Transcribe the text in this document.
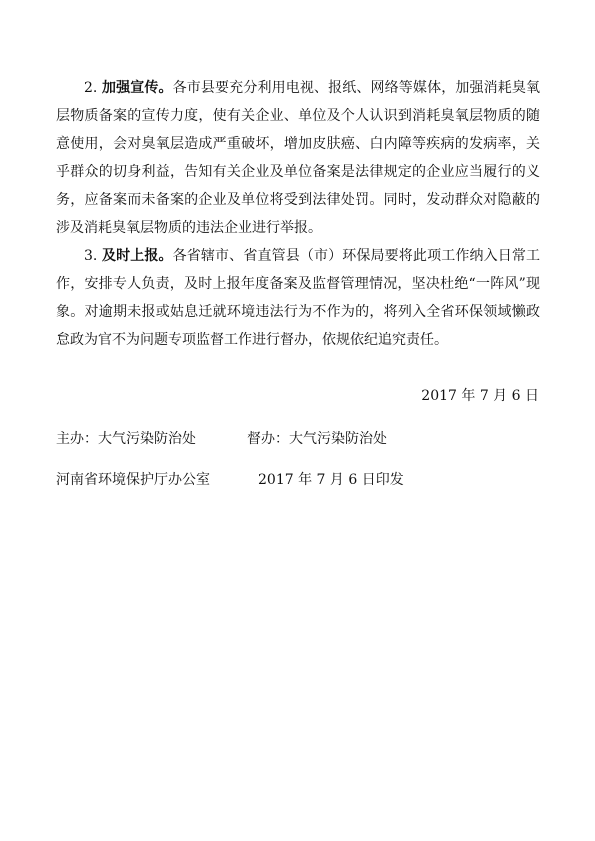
2. 加强宣传。各市县要充分利用电视、报纸、网络等媒体，加强消耗臭氧层物质备案的宣传力度，使有关企业、单位及个人认识到消耗臭氧层物质的随意使用，会对臭氧层造成严重破坏，增加皮肤癌、白内障等疾病的发病率，关乎群众的切身利益，告知有关企业及单位备案是法律规定的企业应当履行的义务，应备案而未备案的企业及单位将受到法律处罚。同时，发动群众对隐蔽的涉及消耗臭氧层物质的违法企业进行举报。

3. 及时上报。各省辖市、省直管县（市）环保局要将此项工作纳入日常工作，安排专人负责，及时上报年度备案及监督管理情况，坚决杜绝“一阵风”现象。对逾期未报或姑息迁就环境违法行为不作为的，将列入全省环保领域懒政怠政为官不为问题专项监督工作进行督办，依规依纪追究责任。

2017 年 7 月 6 日

主办：大气污染防治处	督办：大气污染防治处
河南省环境保护厅办公室	2017 年 7 月 6 日印发
